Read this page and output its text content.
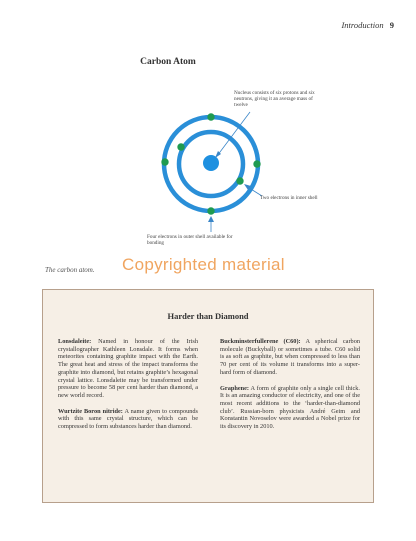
Introduction 9
Carbon Atom
Nucleus consists of six protons and six neutrons, giving it an average mass of twelve
Two electrons in inner shell
Four electrons in outer shell available for bonding
The carbon atom. Copyrighted material
Harder than Diamond

Lonsdaleite: Named in honour of the Irish crystallographer Kathleen Lonsdale. It forms when meteorites containing graphite impact with the Earth. The great heat and stress of the impact transforms the graphite into diamond, but retains graphite’s hexagonal crystal lattice. Lonsdaleite may be transformed under pressure to become 58 per cent harder than diamond, a new world record.

Wurtzite Boron nitride: A name given to compounds with this same crystal structure, which can be compressed to form substances harder than diamond.

Buckminsterfullerene (C60): A spherical carbon molecule (Buckyball) or sometimes a tube. C60 solid is as soft as graphite, but when compressed to less than 70 per cent of its volume it transforms into a super-hard form of diamond.

Graphene: A form of graphite only a single cell thick. It is an amazing conductor of electricity, and one of the most recent additions to the ‘harder-than-diamond club’. Russian-born physicists André Geim and Konstantin Novoselov were awarded a Nobel prize for its discovery in 2010.
